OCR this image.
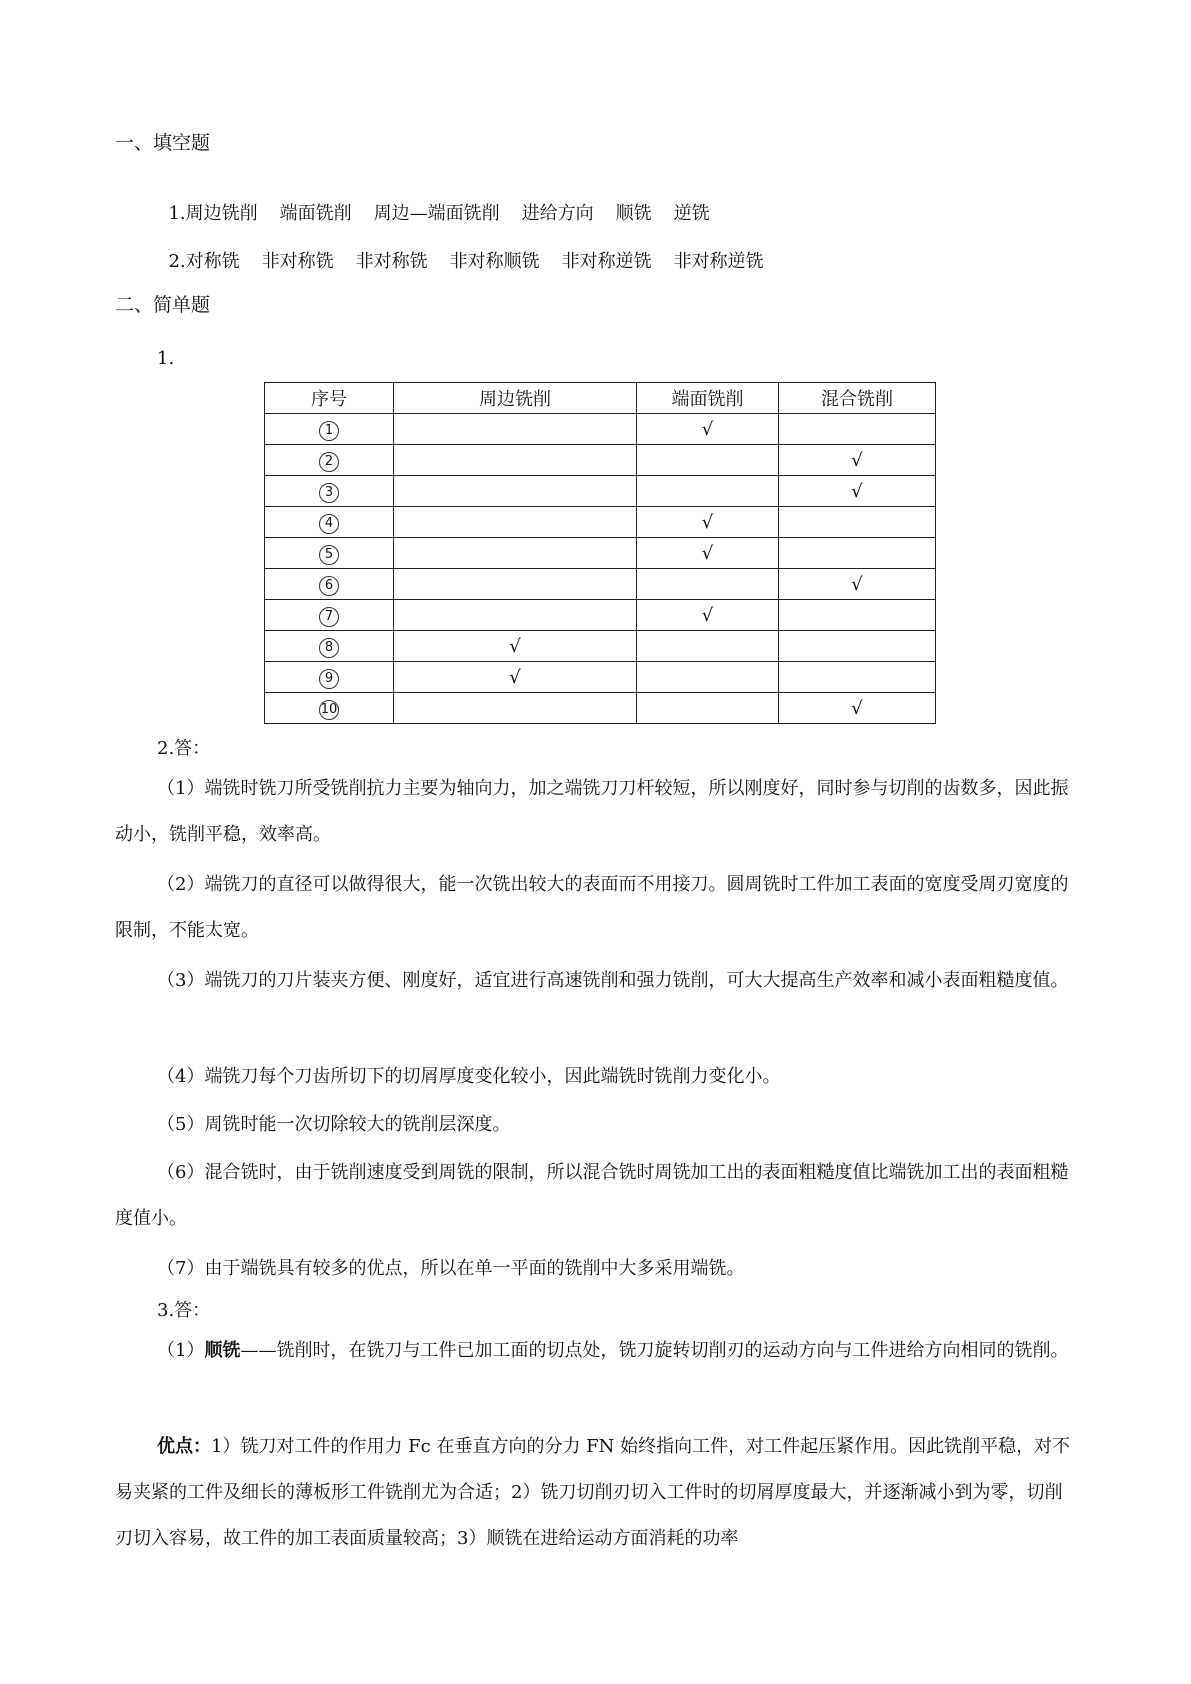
一、填空题

1.周边铣削 端面铣削 周边—端面铣削 进给方向 顺铣 逆铣

2.对称铣 非对称铣 非对称铣 非对称顺铣 非对称逆铣 非对称逆铣

二、简单题
1.
序号	周边铣削	端面铣削	混合铣削
1		√	
2			√
3			√
4		√	
5		√	
6			√
7		√	
8	√		
9	√		
10			√
2.答：
（1）端铣时铣刀所受铣削抗力主要为轴向力，加之端铣刀刀杆较短，所以刚度好，同时参与切削的齿数多，因此振动小，铣削平稳，效率高。
（2）端铣刀的直径可以做得很大，能一次铣出较大的表面而不用接刀。圆周铣时工件加工表面的宽度受周刃宽度的限制，不能太宽。
（3）端铣刀的刀片装夹方便、刚度好，适宜进行高速铣削和强力铣削，可大大提高生产效率和减小表面粗糙度值。
（4）端铣刀每个刀齿所切下的切屑厚度变化较小，因此端铣时铣削力变化小。
（5）周铣时能一次切除较大的铣削层深度。
（6）混合铣时，由于铣削速度受到周铣的限制，所以混合铣时周铣加工出的表面粗糙度值比端铣加工出的表面粗糙度值小。
（7）由于端铣具有较多的优点，所以在单一平面的铣削中大多采用端铣。
3.答：
（1）顺铣——铣削时，在铣刀与工件已加工面的切点处，铣刀旋转切削刃的运动方向与工件进给方向相同的铣削。
优点：1）铣刀对工件的作用力 Fc 在垂直方向的分力 FN 始终指向工件，对工件起压紧作用。因此铣削平稳，对不易夹紧的工件及细长的薄板形工件铣削尤为合适；2）铣刀切削刃切入工件时的切屑厚度最大，并逐渐减小到为零，切削刃切入容易，故工件的加工表面质量较高；3）顺铣在进给运动方面消耗的功率
